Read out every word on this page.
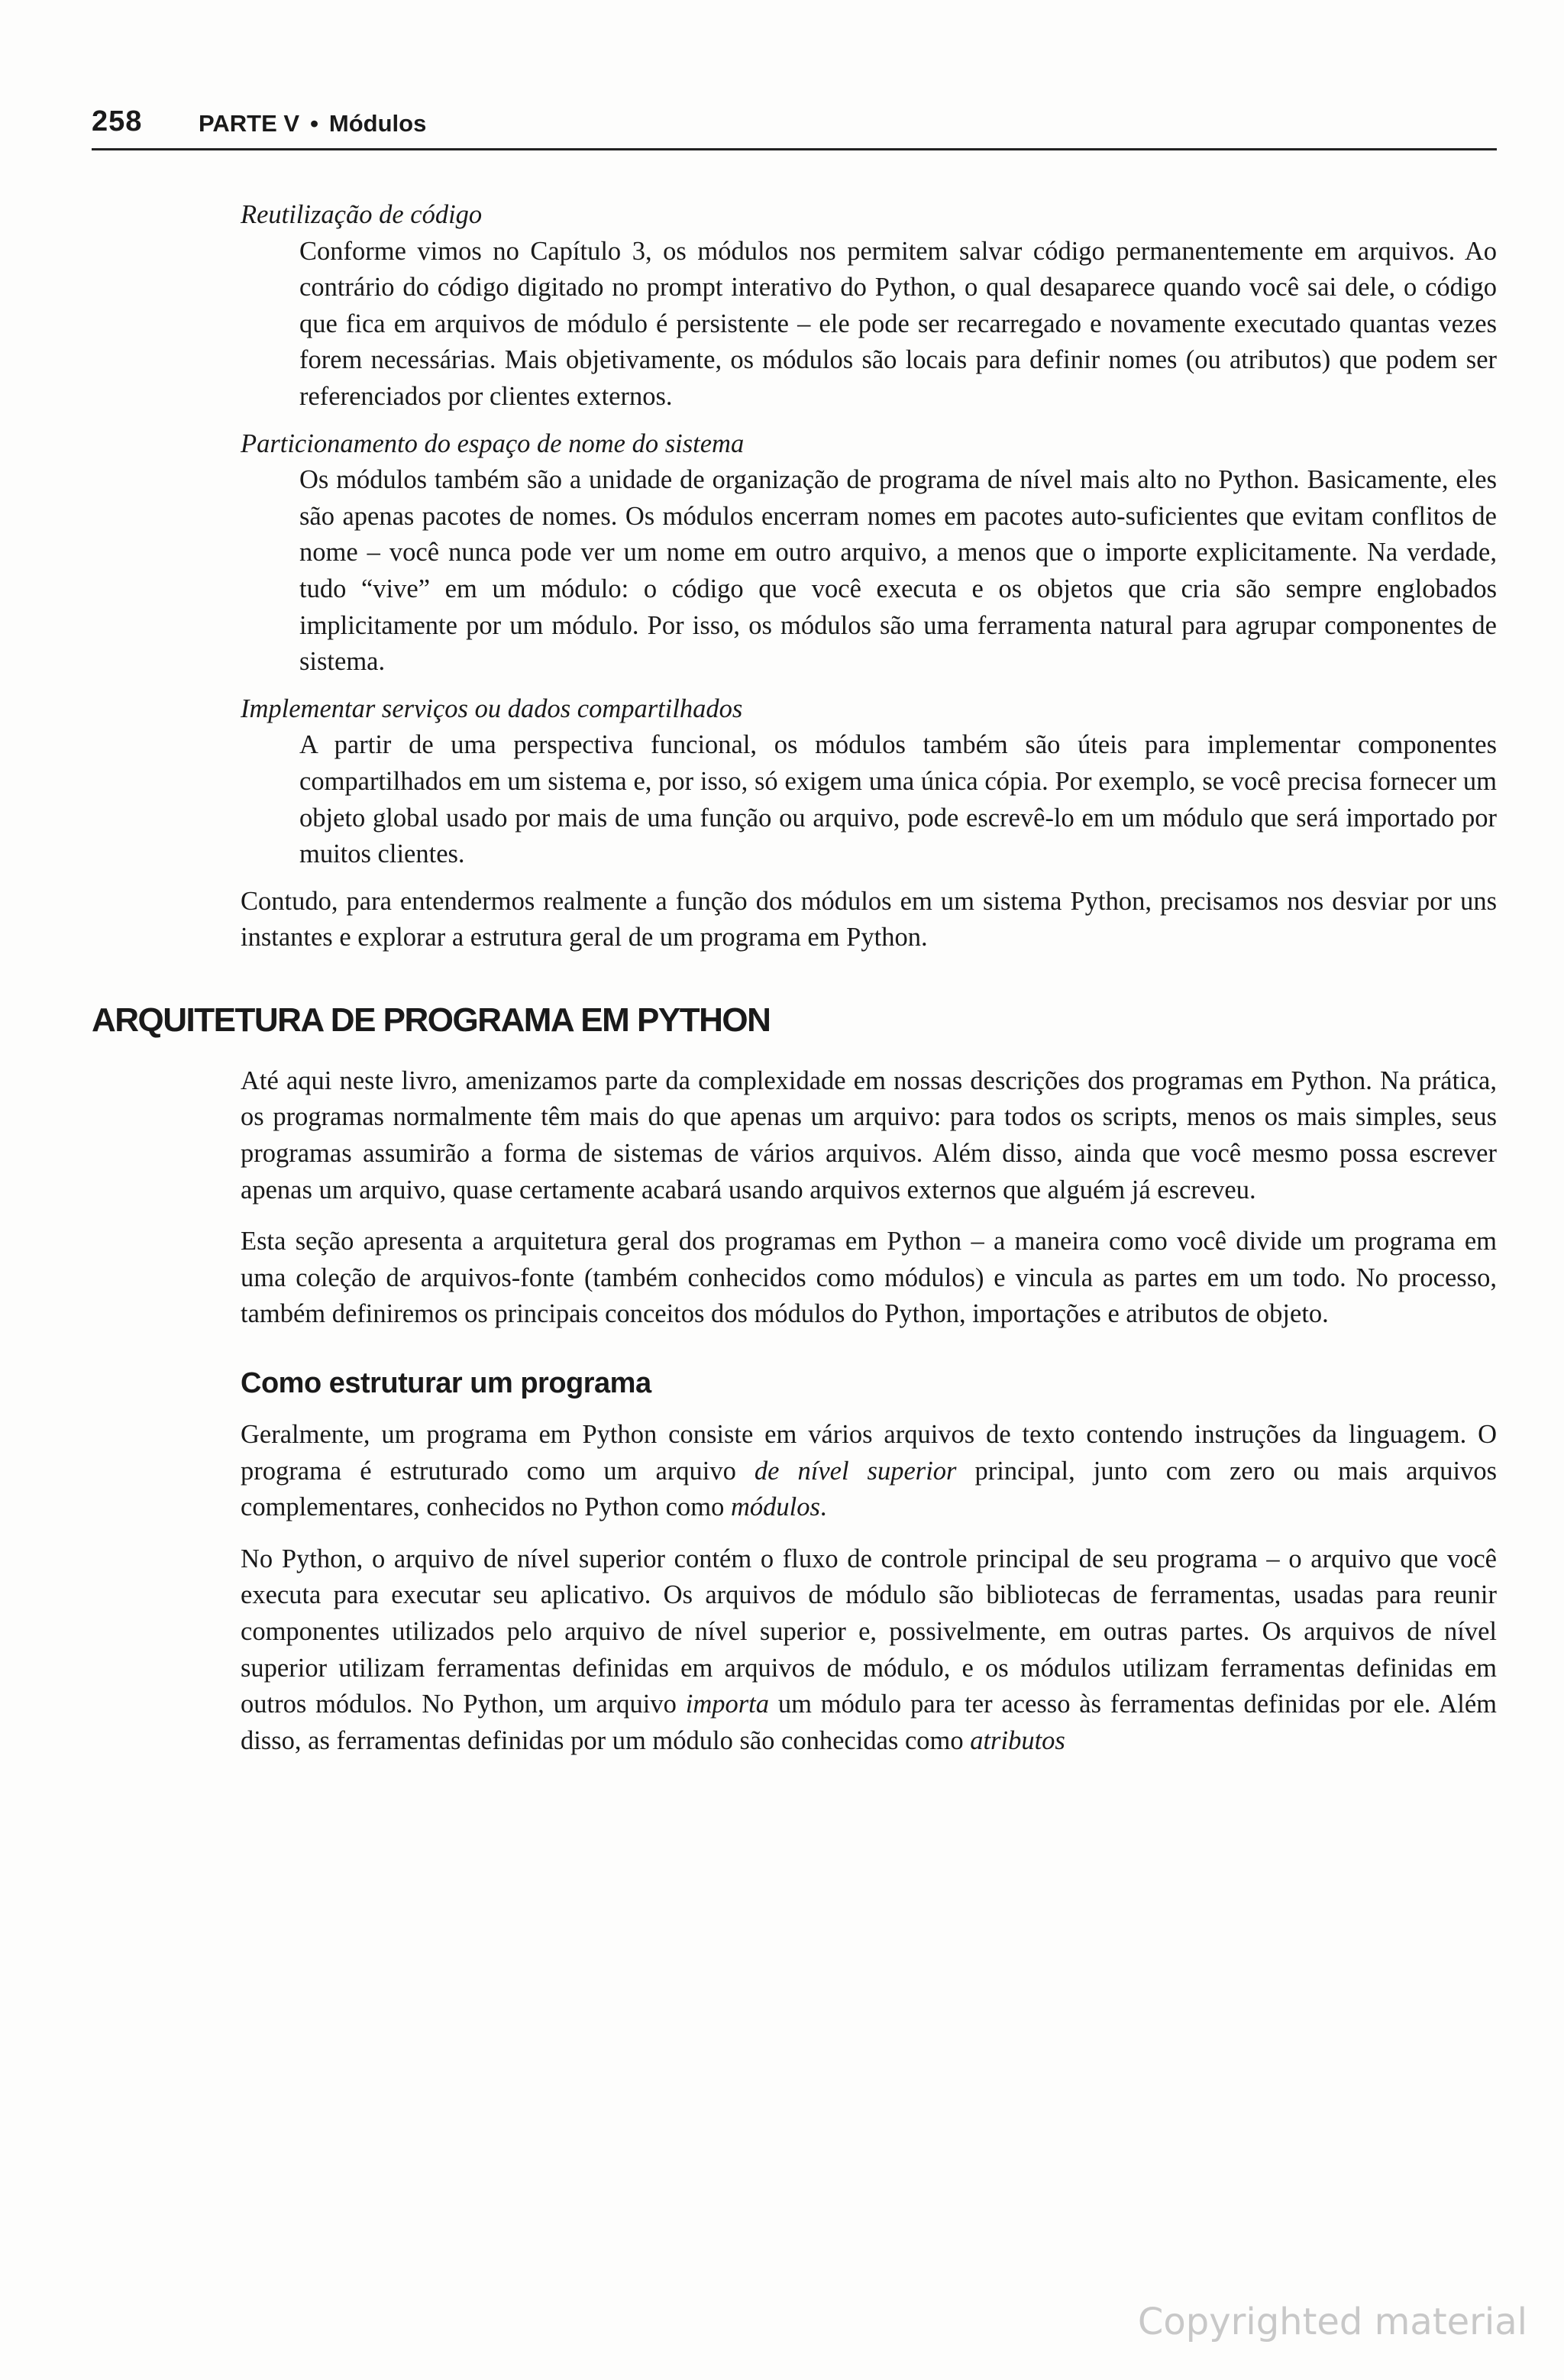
258 PARTE V • Módulos
Reutilização de código
Conforme vimos no Capítulo 3, os módulos nos permitem salvar código permanentemente em arquivos. Ao contrário do código digitado no prompt interativo do Python, o qual desaparece quando você sai dele, o código que fica em arquivos de módulo é persistente – ele pode ser recarregado e novamente executado quantas vezes forem necessárias. Mais objetivamente, os módulos são locais para definir nomes (ou atributos) que podem ser referenciados por clientes externos.
Particionamento do espaço de nome do sistema
Os módulos também são a unidade de organização de programa de nível mais alto no Python. Basicamente, eles são apenas pacotes de nomes. Os módulos encerram nomes em pacotes auto-suficientes que evitam conflitos de nome – você nunca pode ver um nome em outro arquivo, a menos que o importe explicitamente. Na verdade, tudo “vive” em um módulo: o código que você executa e os objetos que cria são sempre englobados implicitamente por um módulo. Por isso, os módulos são uma ferramenta natural para agrupar componentes de sistema.
Implementar serviços ou dados compartilhados
A partir de uma perspectiva funcional, os módulos também são úteis para implementar componentes compartilhados em um sistema e, por isso, só exigem uma única cópia. Por exemplo, se você precisa fornecer um objeto global usado por mais de uma função ou arquivo, pode escrevê-lo em um módulo que será importado por muitos clientes.

Contudo, para entendermos realmente a função dos módulos em um sistema Python, precisamos nos desviar por uns instantes e explorar a estrutura geral de um programa em Python.

ARQUITETURA DE PROGRAMA EM PYTHON

Até aqui neste livro, amenizamos parte da complexidade em nossas descrições dos programas em Python. Na prática, os programas normalmente têm mais do que apenas um arquivo: para todos os scripts, menos os mais simples, seus programas assumirão a forma de sistemas de vários arquivos. Além disso, ainda que você mesmo possa escrever apenas um arquivo, quase certamente acabará usando arquivos externos que alguém já escreveu.

Esta seção apresenta a arquitetura geral dos programas em Python – a maneira como você divide um programa em uma coleção de arquivos-fonte (também conhecidos como módulos) e vincula as partes em um todo. No processo, também definiremos os principais conceitos dos módulos do Python, importações e atributos de objeto.

Como estruturar um programa

Geralmente, um programa em Python consiste em vários arquivos de texto contendo instruções da linguagem. O programa é estruturado como um arquivo de nível superior principal, junto com zero ou mais arquivos complementares, conhecidos no Python como módulos.

No Python, o arquivo de nível superior contém o fluxo de controle principal de seu programa – o arquivo que você executa para executar seu aplicativo. Os arquivos de módulo são bibliotecas de ferramentas, usadas para reunir componentes utilizados pelo arquivo de nível superior e, possivelmente, em outras partes. Os arquivos de nível superior utilizam ferramentas definidas em arquivos de módulo, e os módulos utilizam ferramentas definidas em outros módulos. No Python, um arquivo importa um módulo para ter acesso às ferramentas definidas por ele. Além disso, as ferramentas definidas por um módulo são conhecidas como atributos

Copyrighted material
